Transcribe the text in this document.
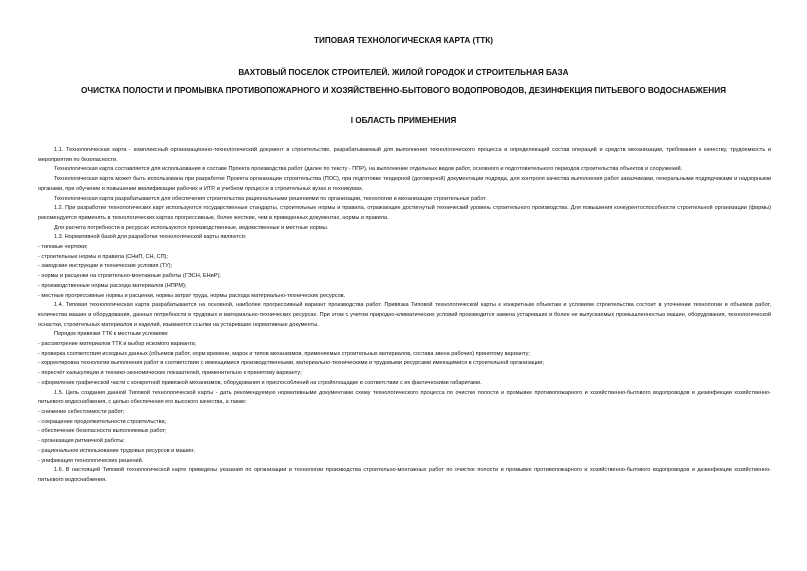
ТИПОВАЯ ТЕХНОЛОГИЧЕСКАЯ КАРТА (ТТК)
ВАХТОВЫЙ ПОСЕЛОК СТРОИТЕЛЕЙ. ЖИЛОЙ ГОРОДОК И СТРОИТЕЛЬНАЯ БАЗА
ОЧИСТКА ПОЛОСТИ И ПРОМЫВКА ПРОТИВОПОЖАРНОГО И ХОЗЯЙСТВЕННО-БЫТОВОГО ВОДОПРОВОДОВ, ДЕЗИНФЕКЦИЯ ПИТЬЕВОГО ВОДОСНАБЖЕНИЯ
I ОБЛАСТЬ ПРИМЕНЕНИЯ

1.1. Технологическая карта - комплексный организационно-технологический документ в строительстве, разрабатываемый для выполнения технологического процесса и определяющий состав операций и средств механизации, требования к качеству, трудоемкость и мероприятия по безопасности.

Технологическая карта составляется для использования в составе Проекта производства работ (далее по тексту - ППР), на выполнение отдельных видов работ, основного и подготовительного периодов строительства объектов и сооружений.

Технологическая карта может быть использована при разработке Проекта организации строительства (ПОС), при подготовке тендерной (договорной) документации подряда, для контроля качества выполнения работ заказчиками, генеральными подрядчиками и надзорными органами, при обучении и повышении квалификации рабочих и ИТР, в учебном процессе в строительных вузах и техникумах.

Технологическая карта разрабатывается для обеспечения строительства рациональными решениями по организации, технологии и механизации строительных работ.

1.2. При разработке технологических карт используются государственные стандарты, строительные нормы и правила, отражающие достигнутый технический уровень строительного производства. Для повышения конкурентоспособности строительной организации (фирмы) рекомендуется применять в технологических картах прогрессивные, более жесткие, чем в приведенных документах, нормы и правила.

Для расчета потребности в ресурсах используются производственные, ведомственные и местные нормы.

1.3. Нормативной базой для разработки технологической карты являются:

- типовые чертежи;

- строительные нормы и правила (СНиП, СН, СП);

- заводские инструкции и технические условия (ТУ);

- нормы и расценки на строительно-монтажные работы (ГЭСН, ЕНиР);

- производственные нормы расхода материалов (НПРМ);

- местные прогрессивные нормы и расценки, нормы затрат труда, нормы расхода материально-технических ресурсов.

1.4. Типовая технологическая карта разрабатывается на основной, наиболее прогрессивный вариант производства работ. Привязка Типовой технологической карты к конкретным объектам и условиям строительства состоит в уточнении технологии и объемов работ, количества машин и оборудования, данных потребности в трудовых и материально-технических ресурсах. При этом с учетом природно-климатических условий производится замена устаревших и более не выпускаемых промышленностью машин, оборудования, технологической оснастки, строительных материалов и изделий, изымаются ссылки на устаревшие нормативные документы.

Порядок привязки ТТК к местным условиям:

- рассмотрение материалов ТТК и выбор искомого варианта;

- проверка соответствия исходных данных (объемов работ, норм времени, марок и типов механизмов, применяемых строительных материалов, состава звена рабочих) принятому варианту;

- корректировка технологии выполнения работ в соответствии с имеющимися производственными, материально-техническими и трудовыми ресурсами имеющимися в строительной организации;

- пересчёт калькуляции и технико-экономических показателей, применительно к принятому варианту;

- оформление графической части с конкретной привязкой механизмов, оборудования и приспособлений на стройплощадке в соответствии с их фактическими габаритами.

1.5. Цель создания данной Типовой технологической карты - дать рекомендуемую нормативными документами схему технологического процесса по очистке полости и промывке противопожарного и хозяйственно-бытового водопроводов и дезинфекции хозяйственно-питьевого водоснабжения, с целью обеспечения его высокого качества, а также:

- снижение себестоимости работ;

- сокращение продолжительности строительства;

- обеспечение безопасности выполняемых работ;

- организация ритмичной работы;

- рациональное использование трудовых ресурсов и машин;

- унификация технологических решений.

1.6. В настоящей Типовой технологической карте приведены указания по организации и технологии производства строительно-монтажных работ по очистке полости и промывке противопожарного и хозяйственно-бытового водопроводов и дезинфекции хозяйственно-питьевого водоснабжения.
